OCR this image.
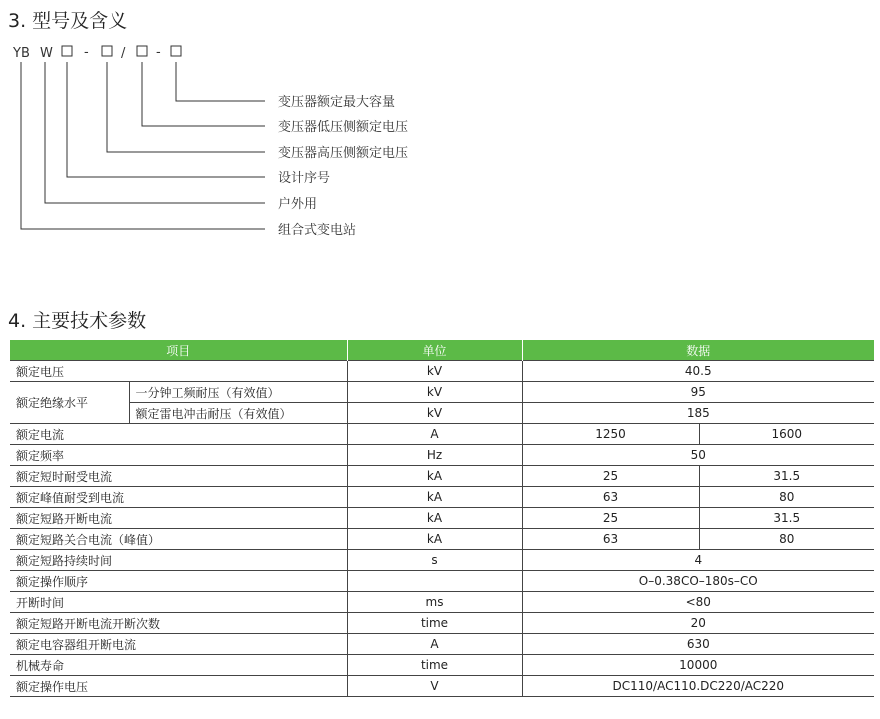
3. 型号及含义
YB W - / -
变压器额定最大容量
变压器低压侧额定电压
变压器高压侧额定电压
设计序号
户外用
组合式变电站
4. 主要技术参数
项目		单位	数据	
额定电压		kV	40.5	
额定绝缘水平	一分钟工频耐压（有效值）	kV	95	
	额定雷电冲击耐压（有效值）	kV	185	
额定电流		A	1250	1600
额定频率		Hz	50	
额定短时耐受电流		kA	25	31.5
额定峰值耐受到电流		kA	63	80
额定短路开断电流		kA	25	31.5
额定短路关合电流（峰值）		kA	63	80
额定短路持续时间		s	4	
额定操作顺序			O–0.38CO–180s–CO	
开断时间		ms	<80	
额定短路开断电流开断次数		time	20	
额定电容器组开断电流		A	630	
机械寿命		time	10000	
额定操作电压		V	DC110/AC110.DC220/AC220	
